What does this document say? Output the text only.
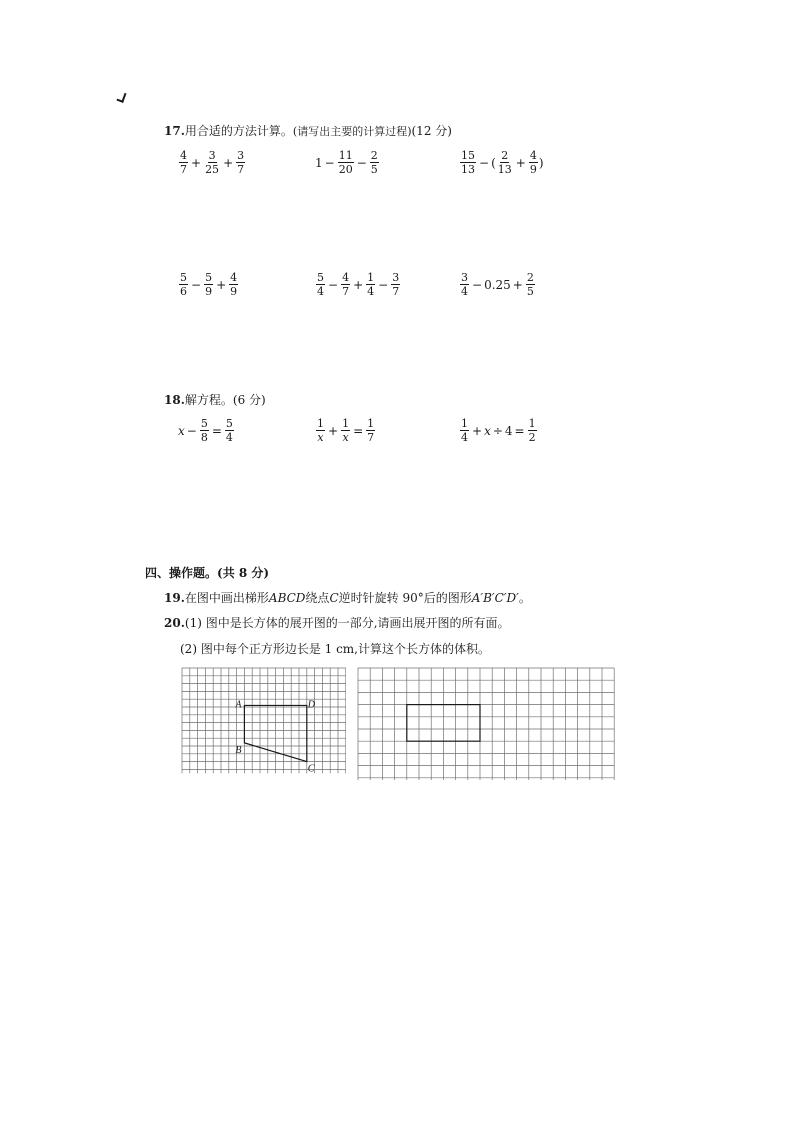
17.用合适的方法计算。(请写出主要的计算过程)(12 分)
$\frac{4}{7} + \frac{3}{25} + \frac{3}{7}$	$1 - \frac{11}{20} - \frac{2}{5}$	$\frac{15}{13}$ − ( $\frac{2}{13} + \frac{4}{9}$ )
$\frac{5}{6} - \frac{5}{9} + \frac{4}{9}$	$\frac{5}{4} - \frac{4}{7} + \frac{1}{4} - \frac{3}{7}$	$\frac{3}{4} - 0.25 + \frac{2}{5}$
18.解方程。(6 分)
$x - \frac{5}{8} = \frac{5}{4}$	$\frac{1}{x} + \frac{1}{x} = \frac{1}{7}$	$\frac{1}{4} + x \div 4 = \frac{1}{2}$
四、操作题。(共 8 分)
19.在图中画出梯形ABCD绕点C逆时针旋转 90°后的图形A′B′C′D′。
20.(1) 图中是长方体的展开图的一部分,请画出展开图的所有面。
(2) 图中每个正方形边长是 1 cm,计算这个长方体的体积。
A	D
B
C
